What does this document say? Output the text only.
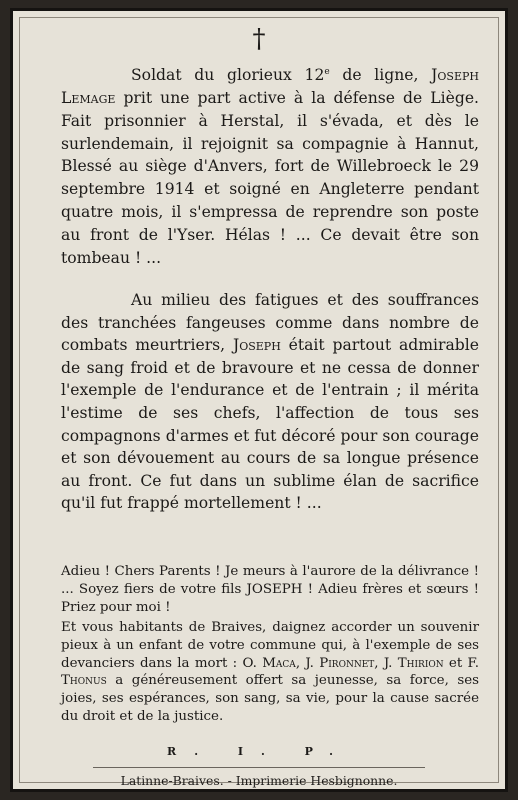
†
Soldat du glorieux 12e de ligne, Joseph Lemage prit une part active à la défense de Liège. Fait prisonnier à Herstal, il s'évada, et dès le surlendemain, il rejoignit sa compagnie à Hannut, Blessé au siège d'Anvers, fort de Willebroeck le 29 septembre 1914 et soigné en Angleterre pendant quatre mois, il s'empressa de reprendre son poste au front de l'Yser. Hélas ! ... Ce devait être son tombeau ! ...
Au milieu des fatigues et des souffrances des tranchées fangeuses comme dans nombre de combats meurtriers, Joseph était partout admirable de sang froid et de bravoure et ne cessa de donner l'exemple de l'endurance et de l'entrain ; il mérita l'estime de ses chefs, l'affection de tous ses compagnons d'armes et fut décoré pour son courage et son dévouement au cours de sa longue présence au front. Ce fut dans un sublime élan de sacrifice qu'il fut frappé mortellement ! ...
Adieu ! Chers Parents ! Je meurs à l'aurore de la délivrance ! ... Soyez fiers de votre fils JOSEPH ! Adieu frères et sœurs ! Priez pour moi !
Et vous habitants de Braives, daignez accorder un souvenir pieux à un enfant de votre commune qui, à l'exemple de ses devanciers dans la mort : O. Maca, J. Pironnet, J. Thirion et F. Thonus a généreusement offert sa jeunesse, sa force, ses joies, ses espérances, son sang, sa vie, pour la cause sacrée du droit et de la justice.
R. I. P.
Latinne-Braives. - Imprimerie Hesbignonne.
